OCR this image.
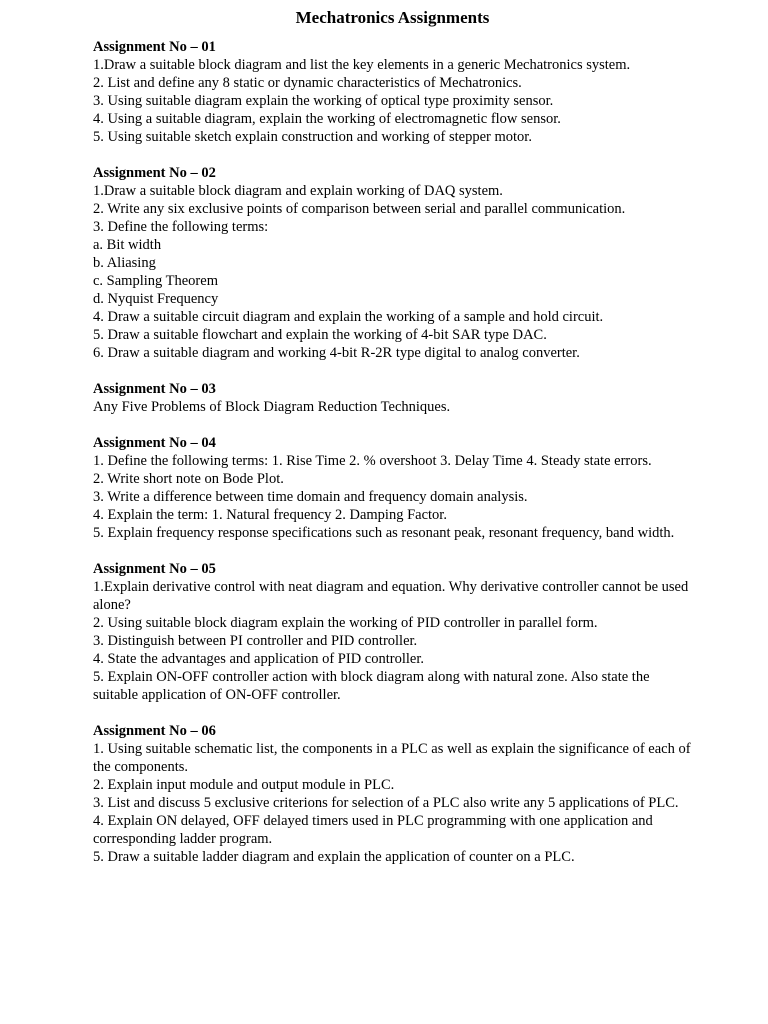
Mechatronics Assignments
Assignment No – 01
1.Draw a suitable block diagram and list the key elements in a generic Mechatronics system.
2. List and define any 8 static or dynamic characteristics of Mechatronics.
3. Using suitable diagram explain the working of optical type proximity sensor.
4. Using a suitable diagram, explain the working of electromagnetic flow sensor.
5. Using suitable sketch explain construction and working of stepper motor.
Assignment No – 02
1.Draw a suitable block diagram and explain working of DAQ system.
2. Write any six exclusive points of comparison between serial and parallel communication.
3. Define the following terms:
a. Bit width
b. Aliasing
c. Sampling Theorem
d. Nyquist Frequency
4. Draw a suitable circuit diagram and explain the working of a sample and hold circuit.
5. Draw a suitable flowchart and explain the working of 4-bit SAR type DAC.
6. Draw a suitable diagram and working 4-bit R-2R type digital to analog converter.
Assignment No – 03
Any Five Problems of Block Diagram Reduction Techniques.
Assignment No – 04
1. Define the following terms: 1. Rise Time 2. % overshoot 3. Delay Time 4. Steady state errors.
2. Write short note on Bode Plot.
3. Write a difference between time domain and frequency domain analysis.
4. Explain the term: 1. Natural frequency 2. Damping Factor.
5. Explain frequency response specifications such as resonant peak, resonant frequency, band width.
Assignment No – 05
1.Explain derivative control with neat diagram and equation. Why derivative controller cannot be used alone?
2. Using suitable block diagram explain the working of PID controller in parallel form.
3. Distinguish between PI controller and PID controller.
4. State the advantages and application of PID controller.
5. Explain ON-OFF controller action with block diagram along with natural zone. Also state the suitable application of ON-OFF controller.
Assignment No – 06
1. Using suitable schematic list, the components in a PLC as well as explain the significance of each of the components.
2. Explain input module and output module in PLC.
3. List and discuss 5 exclusive criterions for selection of a PLC also write any 5 applications of PLC.
4. Explain ON delayed, OFF delayed timers used in PLC programming with one application and corresponding ladder program.
5. Draw a suitable ladder diagram and explain the application of counter on a PLC.
